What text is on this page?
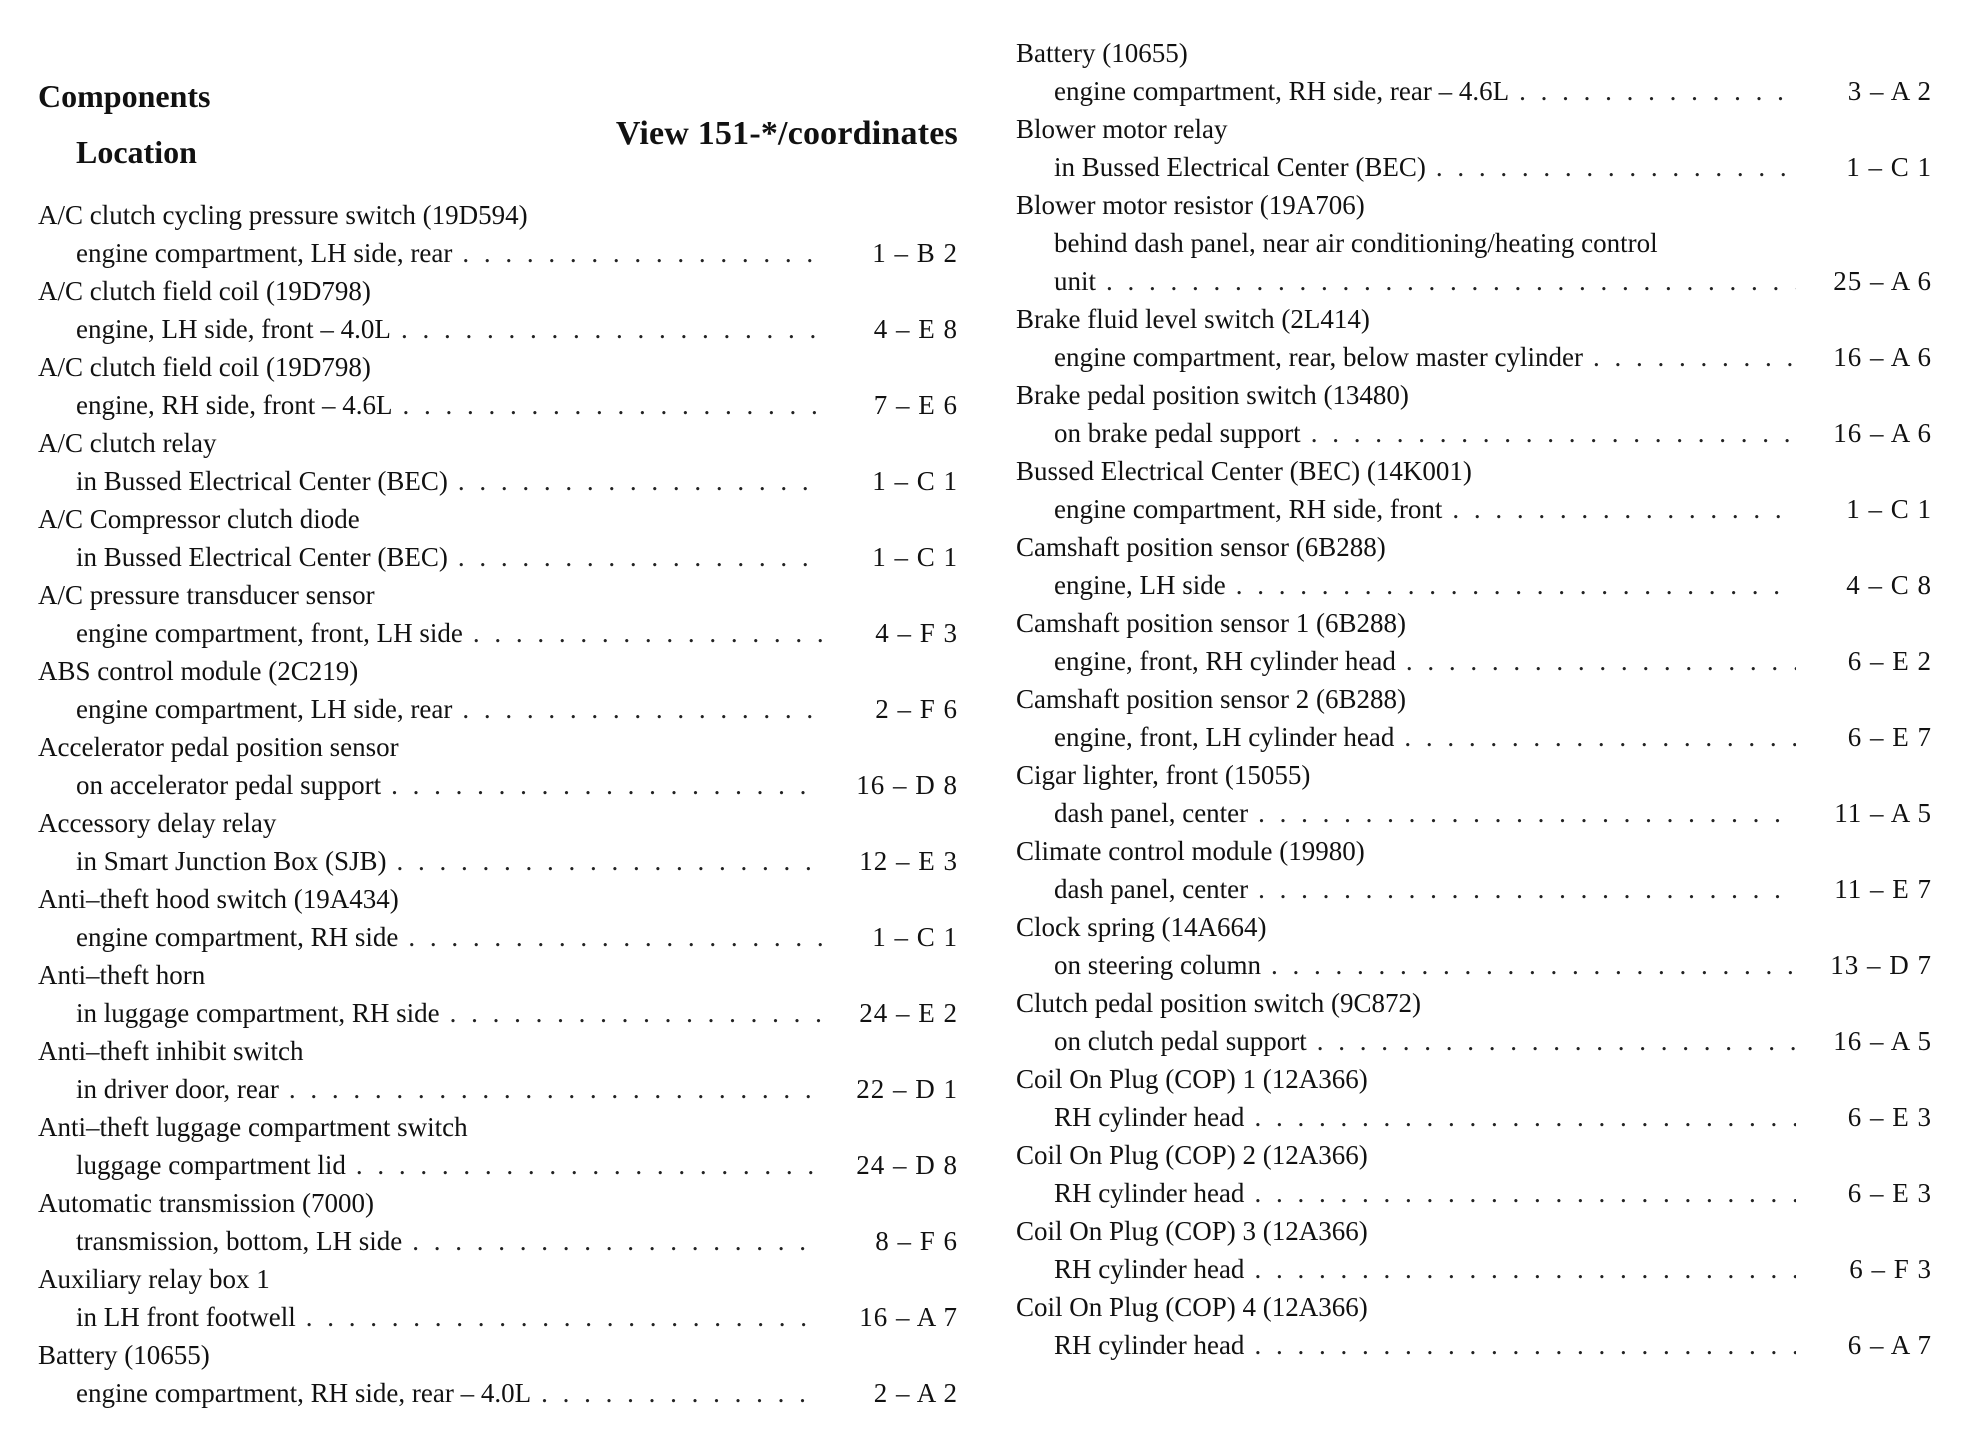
Components
Location	View 151-*/coordinates
A/C clutch cycling pressure switch (19D594)
engine compartment, LH side, rear . . .	1 – B 2
A/C clutch field coil (19D798)
engine, LH side, front – 4.0L . . .	4 – E 8
A/C clutch field coil (19D798)
engine, RH side, front – 4.6L . . .	7 – E 6
A/C clutch relay
in Bussed Electrical Center (BEC) . . .	1 – C 1
A/C Compressor clutch diode
in Bussed Electrical Center (BEC) . . .	1 – C 1
A/C pressure transducer sensor
engine compartment, front, LH side . . .	4 – F 3
ABS control module (2C219)
engine compartment, LH side, rear . . .	2 – F 6
Accelerator pedal position sensor
on accelerator pedal support . . .	16 – D 8
Accessory delay relay
in Smart Junction Box (SJB) . . .	12 – E 3
Anti–theft hood switch (19A434)
engine compartment, RH side . . .	1 – C 1
Anti–theft horn
in luggage compartment, RH side . . .	24 – E 2
Anti–theft inhibit switch
in driver door, rear . . .	22 – D 1
Anti–theft luggage compartment switch
luggage compartment lid . . .	24 – D 8
Automatic transmission (7000)
transmission, bottom, LH side . . .	8 – F 6
Auxiliary relay box 1
in LH front footwell . . .	16 – A 7
Battery (10655)
engine compartment, RH side, rear – 4.0L . . .	2 – A 2
Battery (10655)
engine compartment, RH side, rear – 4.6L . . .	3 – A 2
Blower motor relay
in Bussed Electrical Center (BEC) . . .	1 – C 1
Blower motor resistor (19A706)
behind dash panel, near air conditioning/heating control
unit . . .	25 – A 6
Brake fluid level switch (2L414)
engine compartment, rear, below master cylinder . . .	16 – A 6
Brake pedal position switch (13480)
on brake pedal support . . .	16 – A 6
Bussed Electrical Center (BEC) (14K001)
engine compartment, RH side, front . . .	1 – C 1
Camshaft position sensor (6B288)
engine, LH side . . .	4 – C 8
Camshaft position sensor 1 (6B288)
engine, front, RH cylinder head . . .	6 – E 2
Camshaft position sensor 2 (6B288)
engine, front, LH cylinder head . . .	6 – E 7
Cigar lighter, front (15055)
dash panel, center . . .	11 – A 5
Climate control module (19980)
dash panel, center . . .	11 – E 7
Clock spring (14A664)
on steering column . . .	13 – D 7
Clutch pedal position switch (9C872)
on clutch pedal support . . .	16 – A 5
Coil On Plug (COP) 1 (12A366)
RH cylinder head . . .	6 – E 3
Coil On Plug (COP) 2 (12A366)
RH cylinder head . . .	6 – E 3
Coil On Plug (COP) 3 (12A366)
RH cylinder head . . .	6 – F 3
Coil On Plug (COP) 4 (12A366)
RH cylinder head . . .	6 – A 7
